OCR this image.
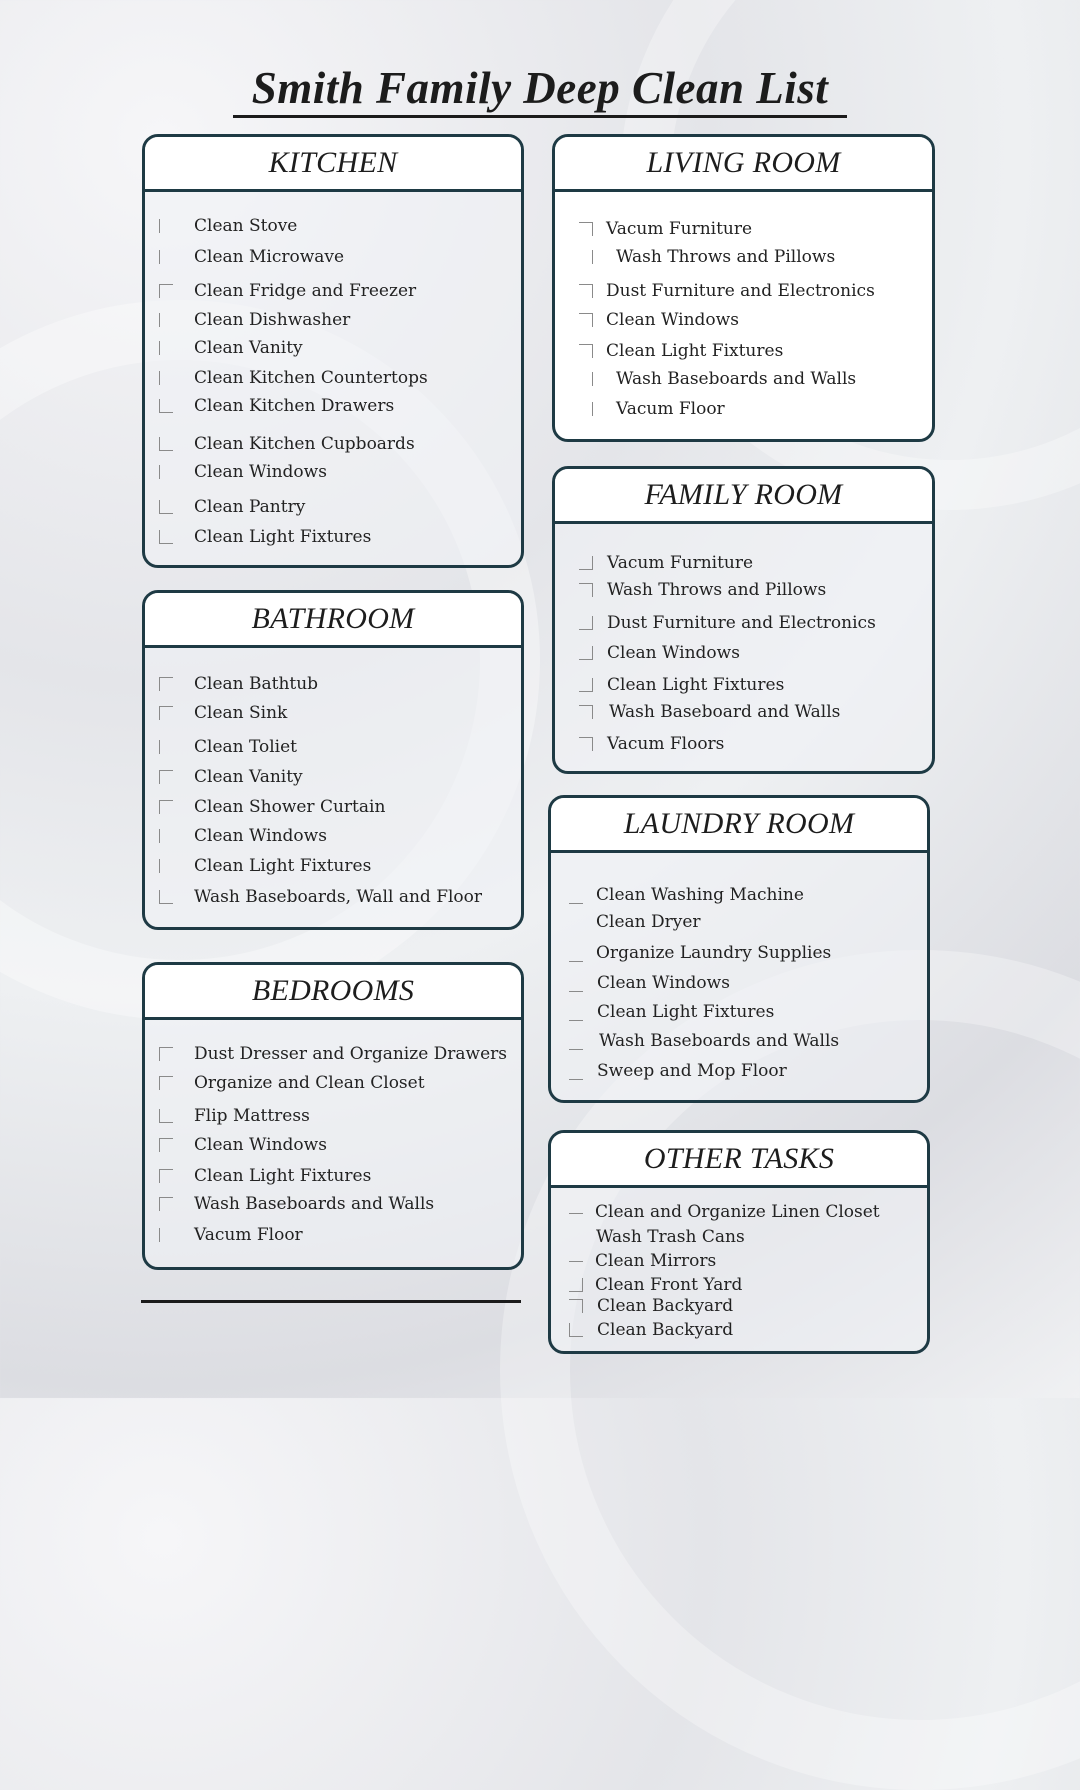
Smith Family Deep Clean List
KITCHEN
Clean Stove
Clean Microwave
Clean Fridge and Freezer
Clean Dishwasher
Clean Vanity
Clean Kitchen Countertops
Clean Kitchen Drawers
Clean Kitchen Cupboards
Clean Windows
Clean Pantry
Clean Light Fixtures
BATHROOM
Clean Bathtub
Clean Sink
Clean Toliet
Clean Vanity
Clean Shower Curtain
Clean Windows
Clean Light Fixtures
Wash Baseboards, Wall and Floor
BEDROOMS
Dust Dresser and Organize Drawers
Organize and Clean Closet
Flip Mattress
Clean Windows
Clean Light Fixtures
Wash Baseboards and Walls
Vacum Floor
LIVING ROOM
Vacum Furniture
Wash Throws and Pillows
Dust Furniture and Electronics
Clean Windows
Clean Light Fixtures
Wash Baseboards and Walls
Vacum Floor
FAMILY ROOM
Vacum Furniture
Wash Throws and Pillows
Dust Furniture and Electronics
Clean Windows
Clean Light Fixtures
Wash Baseboard and Walls
Vacum Floors
LAUNDRY ROOM
Clean Washing Machine
Clean Dryer
Organize Laundry Supplies
Clean Windows
Clean Light Fixtures
Wash Baseboards and Walls
Sweep and Mop Floor
OTHER TASKS
Clean and Organize Linen Closet
Wash Trash Cans
Clean Mirrors
Clean Front Yard
Clean Backyard
Clean Backyard
